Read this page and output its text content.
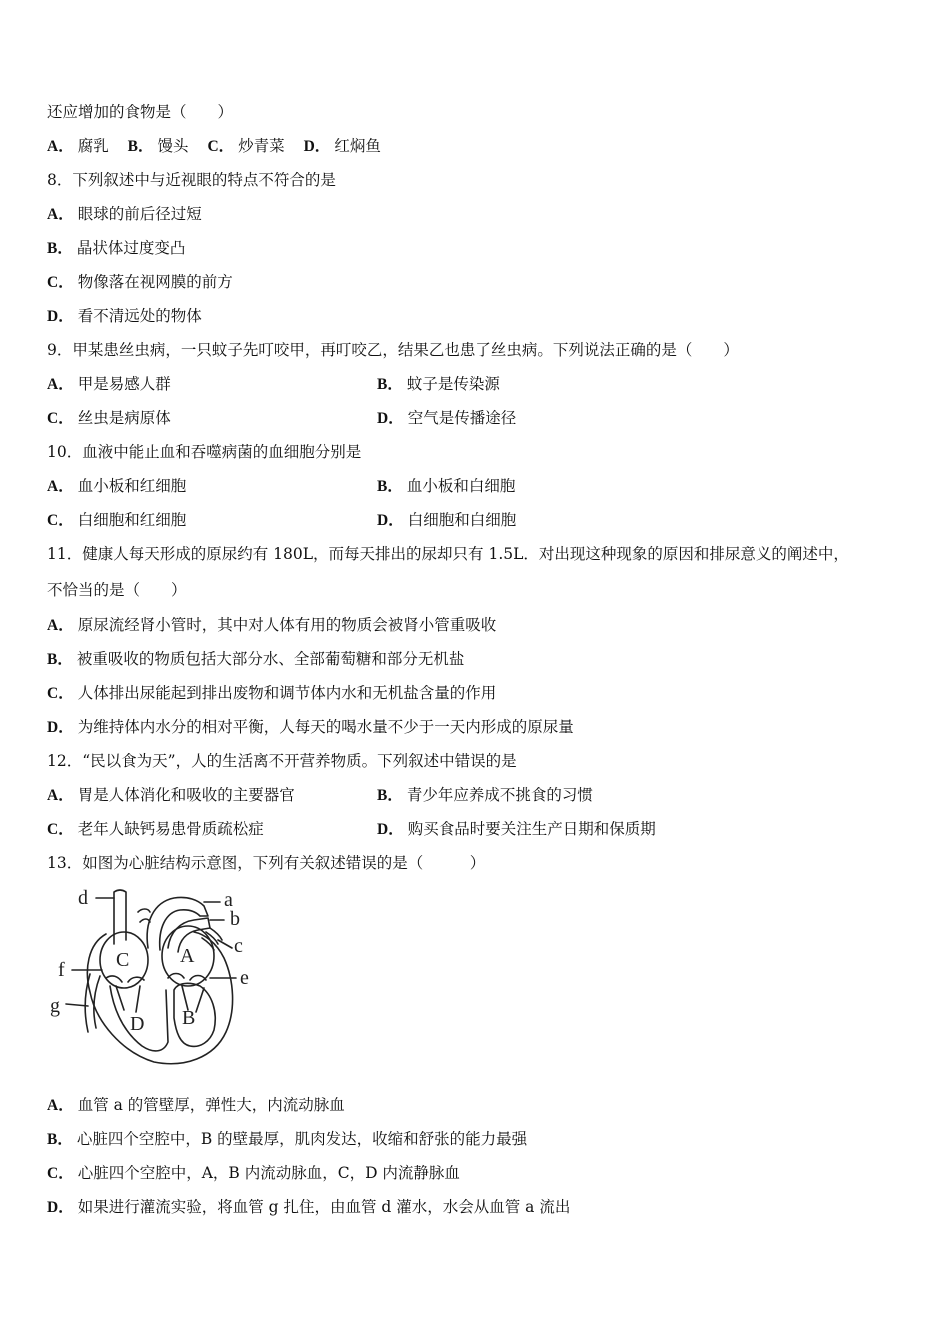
还应增加的食物是（　　）
A． 腐乳 B． 馒头 C． 炒青菜 D． 红焖鱼
8．下列叙述中与近视眼的特点不符合的是
A． 眼球的前后径过短
B． 晶状体过度变凸
C． 物像落在视网膜的前方
D． 看不清远处的物体
9．甲某患丝虫病，一只蚊子先叮咬甲，再叮咬乙，结果乙也患了丝虫病。下列说法正确的是（　　）
A． 甲是易感人群	B． 蚊子是传染源
C． 丝虫是病原体	D． 空气是传播途径
10．血液中能止血和吞噬病菌的血细胞分别是
A． 血小板和红细胞	B． 血小板和白细胞
C． 白细胞和红细胞	D． 白细胞和白细胞
11．健康人每天形成的原尿约有 180L，而每天排出的尿却只有 1.5L．对出现这种现象的原因和排尿意义的阐述中，
不恰当的是（　　）
A． 原尿流经肾小管时，其中对人体有用的物质会被肾小管重吸收
B． 被重吸收的物质包括大部分水、全部葡萄糖和部分无机盐
C． 人体排出尿能起到排出废物和调节体内水和无机盐含量的作用
D． 为维持体内水分的相对平衡，人每天的喝水量不少于一天内形成的原尿量
12．“民以食为天”，人的生活离不开营养物质。下列叙述中错误的是
A． 胃是人体消化和吸收的主要器官	B． 青少年应养成不挑食的习惯
C． 老年人缺钙易患骨质疏松症	D． 购买食品时要关注生产日期和保质期
13．如图为心脏结构示意图，下列有关叙述错误的是（　　　）
d	a
b
c
e
f
g
A
B
C
D
A． 血管 a 的管壁厚，弹性大，内流动脉血
B． 心脏四个空腔中，B 的壁最厚，肌肉发达，收缩和舒张的能力最强
C． 心脏四个空腔中，A，B 内流动脉血，C，D 内流静脉血
D． 如果进行灌流实验，将血管 g 扎住，由血管 d 灌水，水会从血管 a 流出
